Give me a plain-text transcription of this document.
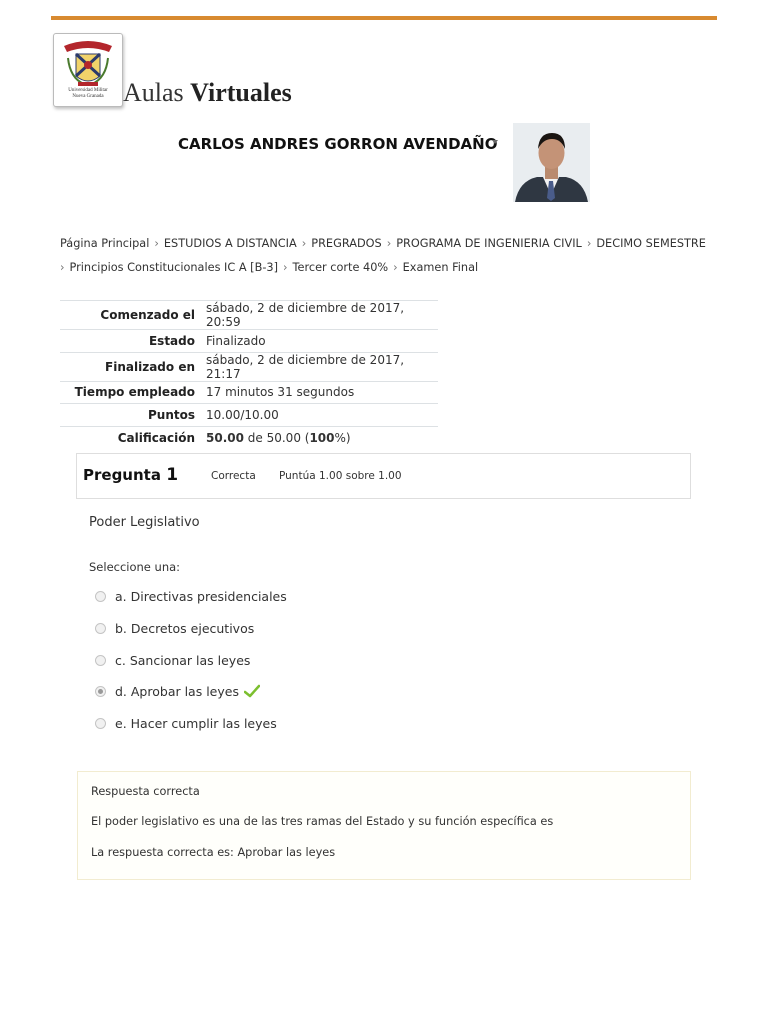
Universidad Militar
Nueva Granada Aulas Virtuales
CARLOS ANDRES GORRON AVENDAÑO
Página Principal › ESTUDIOS A DISTANCIA › PREGRADOS › PROGRAMA DE INGENIERIA CIVIL › DECIMO SEMESTRE
› Principios Constitucionales IC A [B-3] › Tercer corte 40% › Examen Final
Comenzado el	sábado, 2 de diciembre de 2017, 20:59
Estado	Finalizado
Finalizado en	sábado, 2 de diciembre de 2017, 21:17
Tiempo empleado	17 minutos 31 segundos
Puntos	10.00/10.00
Calificación	50.00 de 50.00 (100%)
Pregunta 1	Correcta Puntúa 1.00 sobre 1.00
Poder Legislativo
Seleccione una:
a. Directivas presidenciales
b. Decretos ejecutivos
c. Sancionar las leyes
d. Aprobar las leyes
e. Hacer cumplir las leyes

Respuesta correcta

El poder legislativo es una de las tres ramas del Estado y su función específica es

La respuesta correcta es: Aprobar las leyes
